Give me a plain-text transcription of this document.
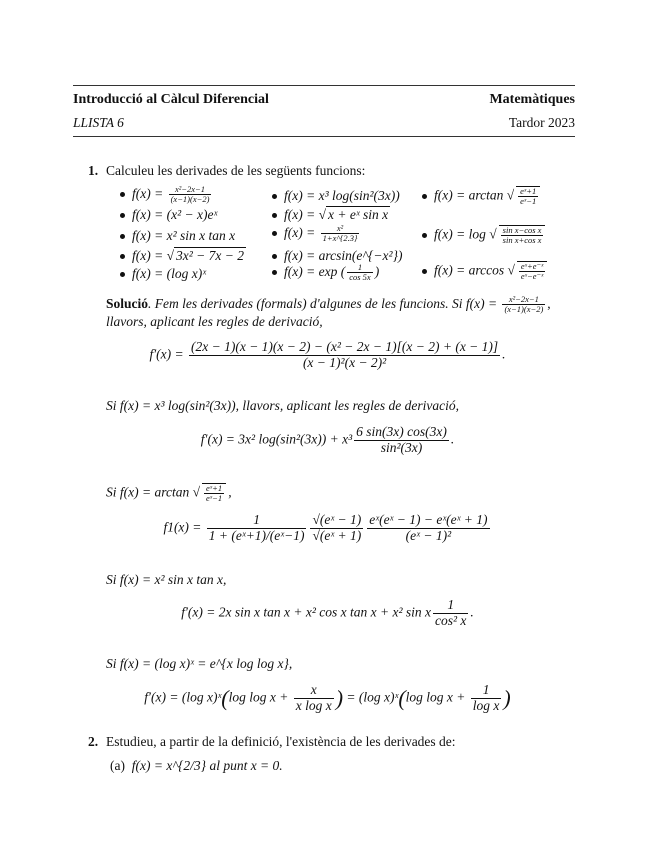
Introducció al Càlcul Diferencial	Matemàtiques
LLISTA 6	Tardor 2023
1. Calculeu les derivades de les següents funcions:
$f(x) = \frac{\text{x²−2x−1}}{(x-1)(x-2)}$
f(x) = (x² − x)eˣ
f(x) = x² sin x tan x
f(x) = √ 3x² − 7x − 2
f(x) = (log x)ˣ
f(x) = x³ log(sin²(3x))
f(x) = √ x + eˣ sin x
$f(x) = \frac{\text{x²}}{1+x\^{}\{2.3\}}$
f(x) = arcsin(e^{−x²})
f(x) = exp ( $\frac{1}{\cos 5x}$ )
f(x) = arctan √ $\frac{\text{eˣ+1}}{\text{eˣ−1}}$
f(x) = log √ $\frac{\text{sin x−cos x}}{\text{sin x+cos x}}$
f(x) = arccos √ $\frac{\text{eˣ+e⁻ˣ}}{\text{eˣ−e⁻ˣ}}$
Solució. Fem les derivades (formals) d'algunes de les funcions. Si $f(x) = \frac{\text{x²−2x−1}}{(x-1)(x-2)}$ ,
llavors, aplicant les regles de derivació,
$f'(x) = \frac{\text{(2x − 1)(x − 1)(x − 2) − (x² − 2x − 1)[(x − 2) + (x − 1)]}}{\text{(x − 1)²(x − 2)²}}$ .
Si f(x) = x³ log(sin²(3x)), llavors, aplicant les regles de derivació,
f′(x) = 3x² $\log(\sin^2(3x)) + x^3 \frac{6 \sin(3x) \cos(3x)}{\text{sin²(3x)}}$ .
Si f(x) = arctan √ $\frac{\text{eˣ+1}}{\text{eˣ−1}}$ ,
$f1(x) = \frac{1}{\text{1 + (eˣ+1)/(eˣ−1)}} \frac{\text{√(eˣ − 1)}}{\text{√(eˣ + 1)}} \frac{\text{eˣ(eˣ − 1) − eˣ(eˣ + 1)}}{\text{(eˣ − 1)²}}$
Si f(x) = x² sin x tan x,
f′(x) = 2x sin x tan x + x² cos x tan x + x² sin x $\frac{1}{\text{cos² x}}$ .
Si f(x) = (log x)ˣ = e^{x log log x},
f′(x) = (log x)ˣ(log $\log x + \frac{x}{\text{x log x}}$ ) = (log x)ˣ(log $\log x + \frac{1}{\text{log x}}$ )
2. Estudieu, a partir de la definició, l'existència de les derivades de:
(a) f(x) = x^{2/3} al punt x = 0.
